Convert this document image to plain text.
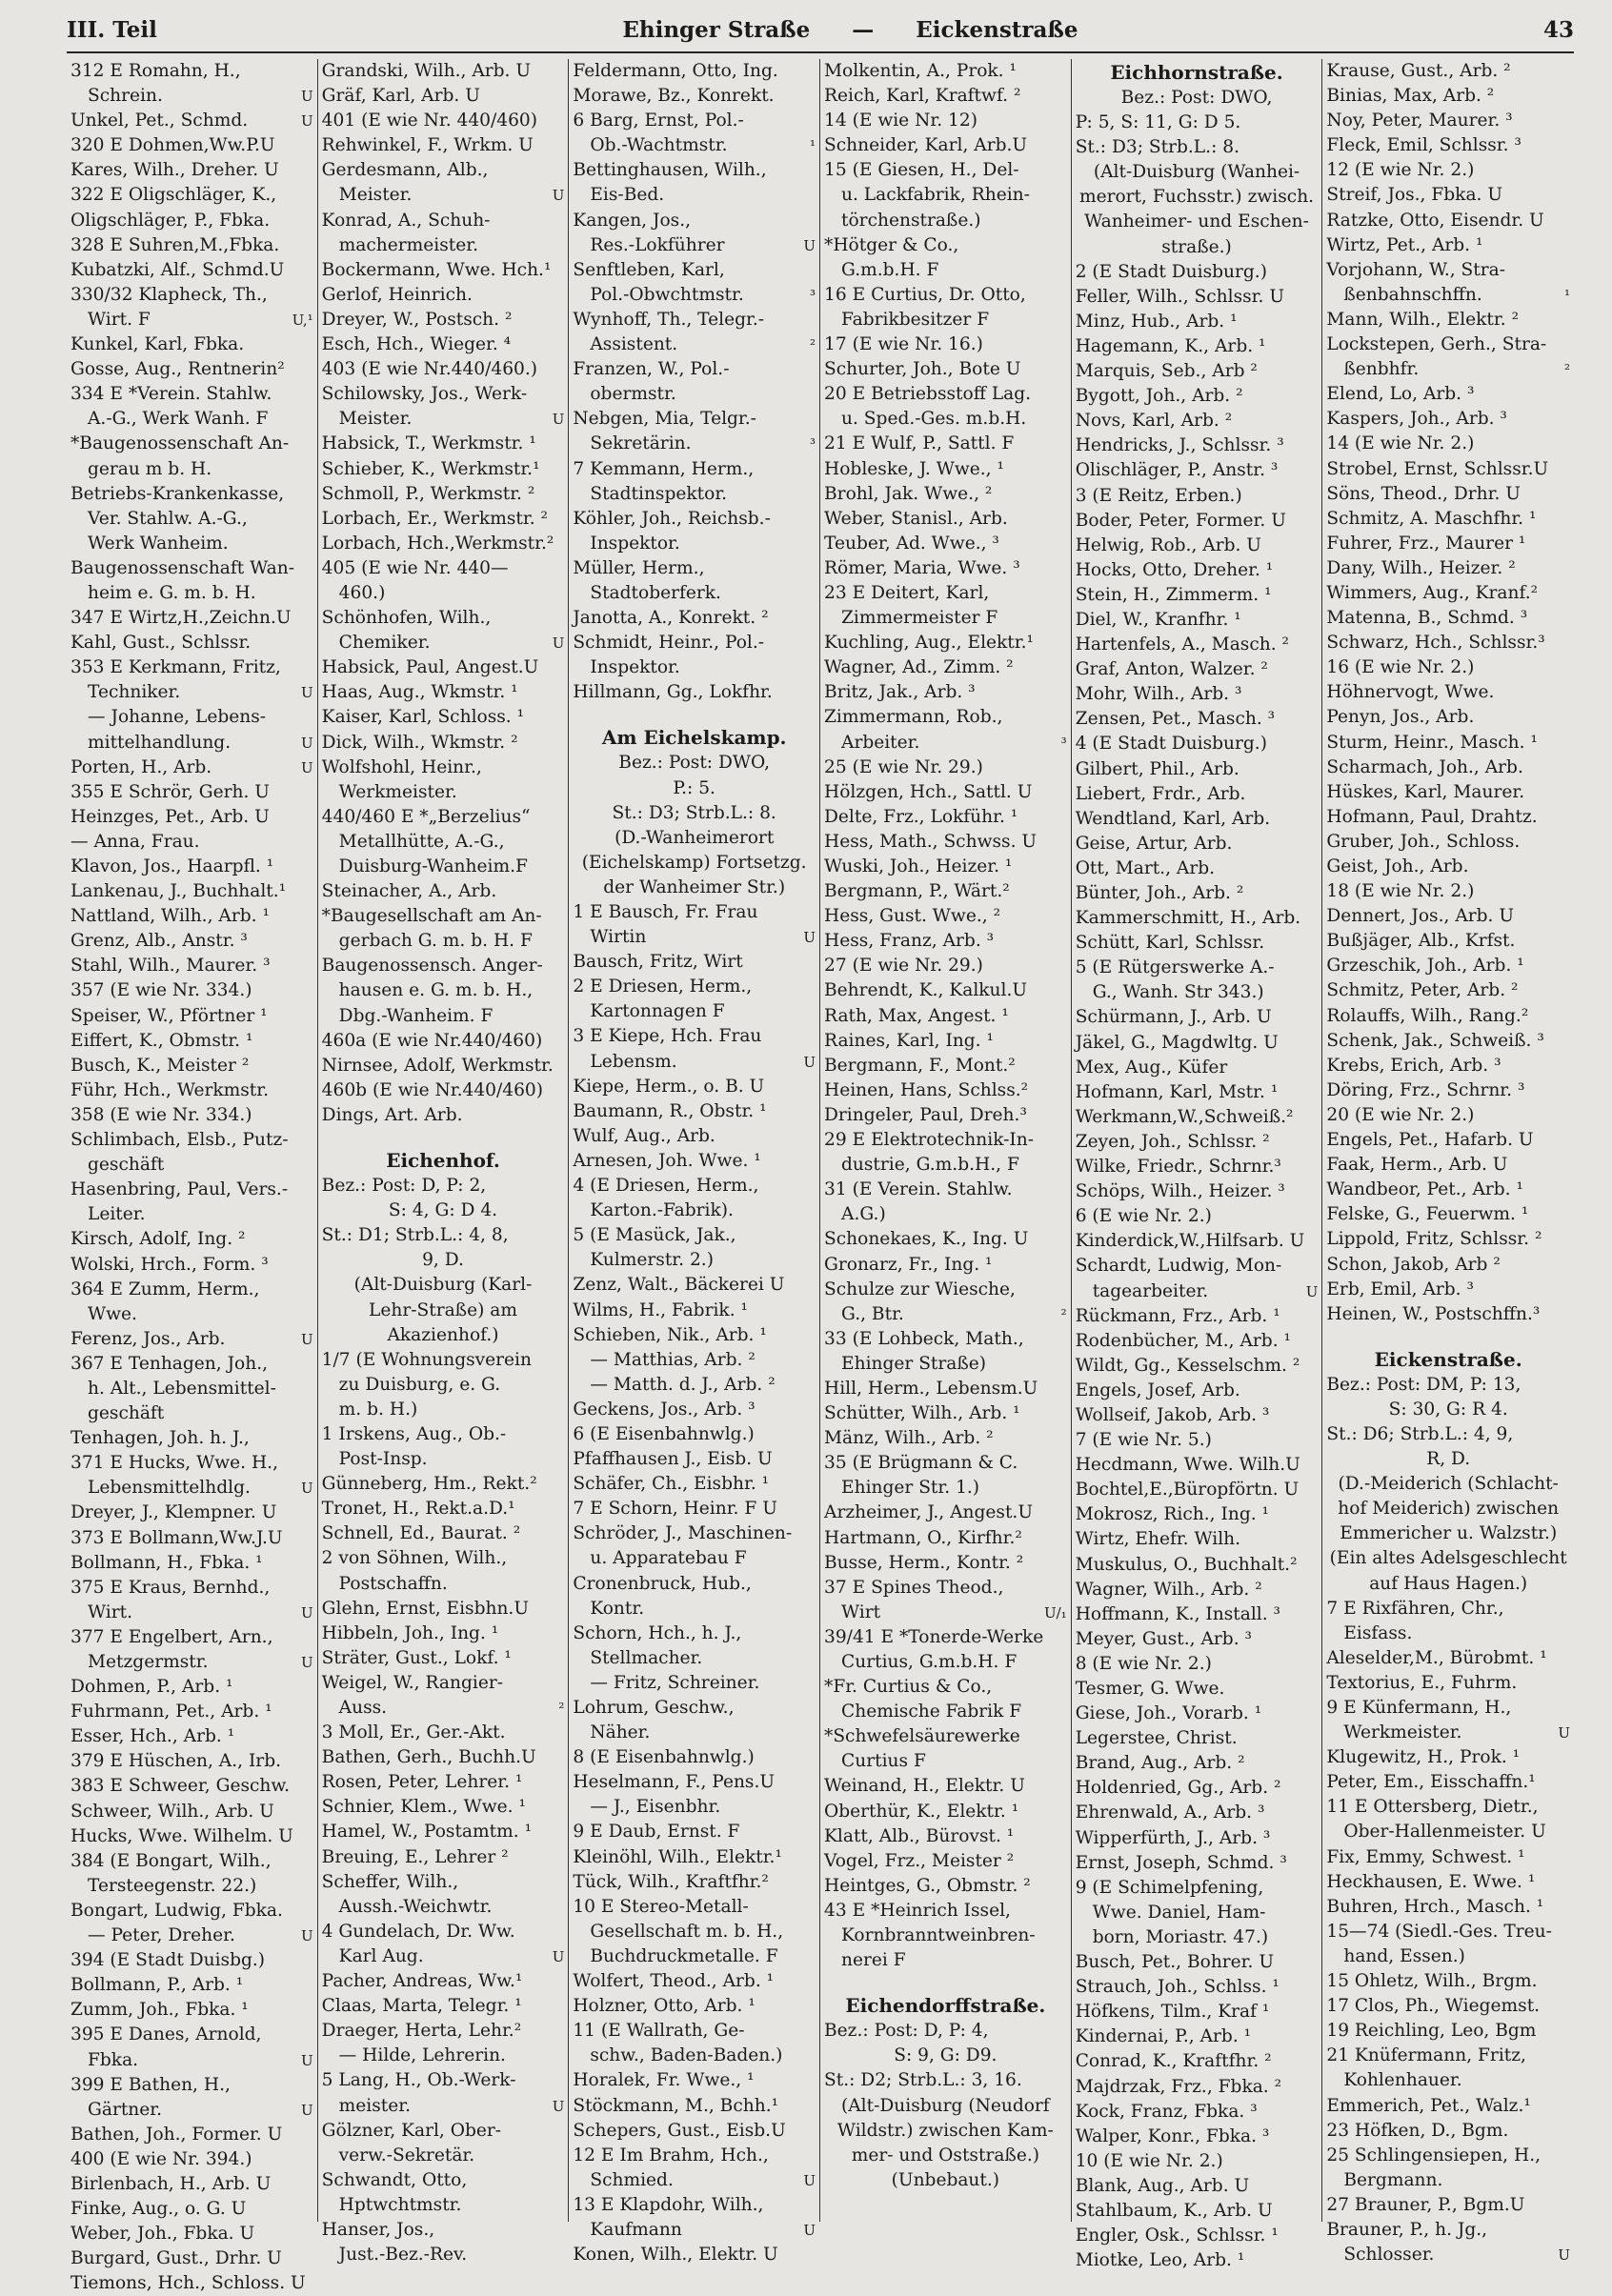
III. Teil	Ehinger Straße — Eickenstraße	43
312 E Romahn, H.,
U
Schrein.
U
Unkel, Pet., Schmd.
320 E Dohmen,Ww.P.U
Kares, Wilh., Dreher. U
322 E Oligschläger, K.,
Oligschläger, P., Fbka.
328 E Suhren,M.,Fbka.
Kubatzki, Alf., Schmd.U
330/32 Klapheck, Th.,
U,¹
Wirt. F
Kunkel, Karl, Fbka.
Gosse, Aug., Rentnerin²
334 E *Verein. Stahlw.
A.-G., Werk Wanh. F
*Baugenossenschaft An-
gerau m b. H.
Betriebs-Krankenkasse,
Ver. Stahlw. A.-G.,
Werk Wanheim.
Baugenossenschaft Wan-
heim e. G. m. b. H.
347 E Wirtz,H.,Zeichn.U
Kahl, Gust., Schlssr.
353 E Kerkmann, Fritz,
U
Techniker.
— Johanne, Lebens-
U
mittelhandlung.
U
Porten, H., Arb.
355 E Schrör, Gerh. U
Heinzges, Pet., Arb. U
— Anna, Frau.
Klavon, Jos., Haarpfl. ¹
Lankenau, J., Buchhalt.¹
Nattland, Wilh., Arb. ¹
Grenz, Alb., Anstr. ³
Stahl, Wilh., Maurer. ³
357 (E wie Nr. 334.)
Speiser, W., Pförtner ¹
Eiffert, K., Obmstr. ¹
Busch, K., Meister ²
Führ, Hch., Werkmstr.
358 (E wie Nr. 334.)
Schlimbach, Elsb., Putz-
geschäft
Hasenbring, Paul, Vers.-
Leiter.
Kirsch, Adolf, Ing. ²
Wolski, Hrch., Form. ³
364 E Zumm, Herm.,
Wwe.
U
Ferenz, Jos., Arb.
367 E Tenhagen, Joh.,
h. Alt., Lebensmittel-
geschäft
Tenhagen, Joh. h. J.,
371 E Hucks, Wwe. H.,
U
Lebensmittelhdlg.
Dreyer, J., Klempner. U
373 E Bollmann,Ww.J.U
Bollmann, H., Fbka. ¹
375 E Kraus, Bernhd.,
U
Wirt.
377 E Engelbert, Arn.,
U
Metzgermstr.
Dohmen, P., Arb. ¹
Fuhrmann, Pet., Arb. ¹
Esser, Hch., Arb. ¹
379 E Hüschen, A., Irb.
383 E Schweer, Geschw.
Schweer, Wilh., Arb. U
Hucks, Wwe. Wilhelm. U
384 (E Bongart, Wilh.,
Tersteegenstr. 22.)
Bongart, Ludwig, Fbka.
U
— Peter, Dreher.
394 (E Stadt Duisbg.)
Bollmann, P., Arb. ¹
Zumm, Joh., Fbka. ¹
395 E Danes, Arnold,
U
Fbka.
399 E Bathen, H.,
U
Gärtner.
Bathen, Joh., Former. U
400 (E wie Nr. 394.)
Birlenbach, H., Arb. U
Finke, Aug., o. G. U
Weber, Joh., Fbka. U
Burgard, Gust., Drhr. U
Tiemons, Hch., Schloss. U
Grandski, Wilh., Arb. U
Gräf, Karl, Arb. U
401 (E wie Nr. 440/460)
Rehwinkel, F., Wrkm. U
Gerdesmann, Alb.,
U
Meister.
Konrad, A., Schuh-
machermeister.
Bockermann, Wwe. Hch.¹
Gerlof, Heinrich.
Dreyer, W., Postsch. ²
Esch, Hch., Wieger. ⁴
403 (E wie Nr.440/460.)
Schilowsky, Jos., Werk-
U
Meister.
Habsick, T., Werkmstr. ¹
Schieber, K., Werkmstr.¹
Schmoll, P., Werkmstr. ²
Lorbach, Er., Werkmstr. ²
Lorbach, Hch.,Werkmstr.²
405 (E wie Nr. 440—
460.)
Schönhofen, Wilh.,
U
Chemiker.
Habsick, Paul, Angest.U
Haas, Aug., Wkmstr. ¹
Kaiser, Karl, Schloss. ¹
Dick, Wilh., Wkmstr. ²
Wolfshohl, Heinr.,
Werkmeister.
440/460 E *„Berzelius“
Metallhütte, A.-G.,
Duisburg-Wanheim.F
Steinacher, A., Arb.
*Baugesellschaft am An-
gerbach G. m. b. H. F
Baugenossensch. Anger-
hausen e. G. m. b. H.,
Dbg.-Wanheim. F
460a (E wie Nr.440/460)
Nirnsee, Adolf, Werkmstr.
460b (E wie Nr.440/460)
Dings, Art. Arb.
Eichenhof.
Bez.: Post: D, P: 2,
S: 4, G: D 4.
St.: D1; Strb.L.: 4, 8,
9, D.
(Alt-Duisburg (Karl-
Lehr-Straße) am
Akazienhof.)
1/7 (E Wohnungsverein
zu Duisburg, e. G.
m. b. H.)
1 Irskens, Aug., Ob.-
Post-Insp.
Günneberg, Hm., Rekt.²
Tronet, H., Rekt.a.D.¹
Schnell, Ed., Baurat. ²
2 von Söhnen, Wilh.,
Postschaffn.
Glehn, Ernst, Eisbhn.U
Hibbeln, Joh., Ing. ¹
Sträter, Gust., Lokf. ¹
Weigel, W., Rangier-
²
Auss.
3 Moll, Er., Ger.-Akt.
Bathen, Gerh., Buchh.U
Rosen, Peter, Lehrer. ¹
Schnier, Klem., Wwe. ¹
Hamel, W., Postamtm. ¹
Breuing, E., Lehrer ²
Scheffer, Wilh.,
Aussh.-Weichwtr.
4 Gundelach, Dr. Ww.
U
Karl Aug.
Pacher, Andreas, Ww.¹
Claas, Marta, Telegr. ¹
Draeger, Herta, Lehr.²
— Hilde, Lehrerin.
5 Lang, H., Ob.-Werk-
U
meister.
Gölzner, Karl, Ober-
verw.-Sekretär.
Schwandt, Otto,
Hptwchtmstr.
Hanser, Jos.,
Just.-Bez.-Rev.
Feldermann, Otto, Ing.
Morawe, Bz., Konrekt.
6 Barg, Ernst, Pol.-
¹
Ob.-Wachtmstr.
Bettinghausen, Wilh.,
Eis-Bed.
Kangen, Jos.,
U
Res.-Lokführer
Senftleben, Karl,
³
Pol.-Obwchtmstr.
Wynhoff, Th., Telegr.-
²
Assistent.
Franzen, W., Pol.-
obermstr.
Nebgen, Mia, Telgr.-
³
Sekretärin.
7 Kemmann, Herm.,
Stadtinspektor.
Köhler, Joh., Reichsb.-
Inspektor.
Müller, Herm.,
Stadtoberferk.
Janotta, A., Konrekt. ²
Schmidt, Heinr., Pol.-
Inspektor.
Hillmann, Gg., Lokfhr.
Am Eichelskamp.
Bez.: Post: DWO,
P.: 5.
St.: D3; Strb.L.: 8.
(D.-Wanheimerort
(Eichelskamp) Fortsetzg.
der Wanheimer Str.)
1 E Bausch, Fr. Frau
U
Wirtin
Bausch, Fritz, Wirt
2 E Driesen, Herm.,
Kartonnagen F
3 E Kiepe, Hch. Frau
U
Lebensm.
Kiepe, Herm., o. B. U
Baumann, R., Obstr. ¹
Wulf, Aug., Arb.
Arnesen, Joh. Wwe. ¹
4 (E Driesen, Herm.,
Karton.-Fabrik).
5 (E Masück, Jak.,
Kulmerstr. 2.)
Zenz, Walt., Bäckerei U
Wilms, H., Fabrik. ¹
Schieben, Nik., Arb. ¹
— Matthias, Arb. ²
— Matth. d. J., Arb. ²
Geckens, Jos., Arb. ³
6 (E Eisenbahnwlg.)
Pfaffhausen J., Eisb. U
Schäfer, Ch., Eisbhr. ¹
7 E Schorn, Heinr. F U
Schröder, J., Maschinen-
u. Apparatebau F
Cronenbruck, Hub.,
Kontr.
Schorn, Hch., h. J.,
Stellmacher.
— Fritz, Schreiner.
Lohrum, Geschw.,
Näher.
8 (E Eisenbahnwlg.)
Heselmann, F., Pens.U
— J., Eisenbhr.
9 E Daub, Ernst. F
Kleinöhl, Wilh., Elektr.¹
Tück, Wilh., Kraftfhr.²
10 E Stereo-Metall-
Gesellschaft m. b. H.,
Buchdruckmetalle. F
Wolfert, Theod., Arb. ¹
Holzner, Otto, Arb. ¹
11 (E Wallrath, Ge-
schw., Baden-Baden.)
Horalek, Fr. Wwe., ¹
Stöckmann, M., Bchh.¹
Schepers, Gust., Eisb.U
12 E Im Brahm, Hch.,
U
Schmied.
13 E Klapdohr, Wilh.,
U
Kaufmann
Konen, Wilh., Elektr. U
Molkentin, A., Prok. ¹
Reich, Karl, Kraftwf. ²
14 (E wie Nr. 12)
Schneider, Karl, Arb.U
15 (E Giesen, H., Del-
u. Lackfabrik, Rhein-
törchenstraße.)
*Hötger & Co.,
G.m.b.H. F
16 E Curtius, Dr. Otto,
Fabrikbesitzer F
17 (E wie Nr. 16.)
Schurter, Joh., Bote U
20 E Betriebsstoff Lag.
u. Sped.-Ges. m.b.H.
21 E Wulf, P., Sattl. F
Hobleske, J. Wwe., ¹
Brohl, Jak. Wwe., ²
Weber, Stanisl., Arb.
Teuber, Ad. Wwe., ³
Römer, Maria, Wwe. ³
23 E Deitert, Karl,
Zimmermeister F
Kuchling, Aug., Elektr.¹
Wagner, Ad., Zimm. ²
Britz, Jak., Arb. ³
Zimmermann, Rob.,
³
Arbeiter.
25 (E wie Nr. 29.)
Hölzgen, Hch., Sattl. U
Delte, Frz., Lokführ. ¹
Hess, Math., Schwss. U
Wuski, Joh., Heizer. ¹
Bergmann, P., Wärt.²
Hess, Gust. Wwe., ²
Hess, Franz, Arb. ³
27 (E wie Nr. 29.)
Behrendt, K., Kalkul.U
Rath, Max, Angest. ¹
Raines, Karl, Ing. ¹
Bergmann, F., Mont.²
Heinen, Hans, Schlss.²
Dringeler, Paul, Dreh.³
29 E Elektrotechnik-In-
dustrie, G.m.b.H., F
31 (E Verein. Stahlw.
A.G.)
Schonekaes, K., Ing. U
Gronarz, Fr., Ing. ¹
Schulze zur Wiesche,
²
G., Btr.
33 (E Lohbeck, Math.,
Ehinger Straße)
Hill, Herm., Lebensm.U
Schütter, Wilh., Arb. ¹
Mänz, Wilh., Arb. ²
35 (E Brügmann & C.
Ehinger Str. 1.)
Arzheimer, J., Angest.U
Hartmann, O., Kirfhr.²
Busse, Herm., Kontr. ²
37 E Spines Theod.,
U/₁
Wirt
39/41 E *Tonerde-Werke
Curtius, G.m.b.H. F
*Fr. Curtius & Co.,
Chemische Fabrik F
*Schwefelsäurewerke
Curtius F
Weinand, H., Elektr. U
Oberthür, K., Elektr. ¹
Klatt, Alb., Bürovst. ¹
Vogel, Frz., Meister ²
Heintges, G., Obmstr. ²
43 E *Heinrich Issel,
Kornbranntweinbren-
nerei F
Eichendorffstraße.
Bez.: Post: D, P: 4,
S: 9, G: D9.
St.: D2; Strb.L.: 3, 16.
(Alt-Duisburg (Neudorf
Wildstr.) zwischen Kam-
mer- und Oststraße.)
(Unbebaut.)
Eichhornstraße.
Bez.: Post: DWO,
P: 5, S: 11, G: D 5.
St.: D3; Strb.L.: 8.
(Alt-Duisburg (Wanhei-
merort, Fuchsstr.) zwisch.
Wanheimer- und Eschen-
straße.)
2 (E Stadt Duisburg.)
Feller, Wilh., Schlssr. U
Minz, Hub., Arb. ¹
Hagemann, K., Arb. ¹
Marquis, Seb., Arb ²
Bygott, Joh., Arb. ²
Novs, Karl, Arb. ²
Hendricks, J., Schlssr. ³
Olischläger, P., Anstr. ³
3 (E Reitz, Erben.)
Boder, Peter, Former. U
Helwig, Rob., Arb. U
Hocks, Otto, Dreher. ¹
Stein, H., Zimmerm. ¹
Diel, W., Kranfhr. ¹
Hartenfels, A., Masch. ²
Graf, Anton, Walzer. ²
Mohr, Wilh., Arb. ³
Zensen, Pet., Masch. ³
4 (E Stadt Duisburg.)
Gilbert, Phil., Arb.
Liebert, Frdr., Arb.
Wendtland, Karl, Arb.
Geise, Artur, Arb.
Ott, Mart., Arb.
Bünter, Joh., Arb. ²
Kammerschmitt, H., Arb.
Schütt, Karl, Schlssr.
5 (E Rütgerswerke A.-
G., Wanh. Str 343.)
Schürmann, J., Arb. U
Jäkel, G., Magdwltg. U
Mex, Aug., Küfer
Hofmann, Karl, Mstr. ¹
Werkmann,W.,Schweiß.²
Zeyen, Joh., Schlssr. ²
Wilke, Friedr., Schrnr.³
Schöps, Wilh., Heizer. ³
6 (E wie Nr. 2.)
Kinderdick,W.,Hilfsarb. U
Schardt, Ludwig, Mon-
U
tagearbeiter.
Rückmann, Frz., Arb. ¹
Rodenbücher, M., Arb. ¹
Wildt, Gg., Kesselschm. ²
Engels, Josef, Arb.
Wollseif, Jakob, Arb. ³
7 (E wie Nr. 5.)
Hecdmann, Wwe. Wilh.U
Bochtel,E.,Büropförtn. U
Mokrosz, Rich., Ing. ¹
Wirtz, Ehefr. Wilh.
Muskulus, O., Buchhalt.²
Wagner, Wilh., Arb. ²
Hoffmann, K., Install. ³
Meyer, Gust., Arb. ³
8 (E wie Nr. 2.)
Tesmer, G. Wwe.
Giese, Joh., Vorarb. ¹
Legerstee, Christ.
Brand, Aug., Arb. ²
Holdenried, Gg., Arb. ²
Ehrenwald, A., Arb. ³
Wipperfürth, J., Arb. ³
Ernst, Joseph, Schmd. ³
9 (E Schimelpfening,
Wwe. Daniel, Ham-
born, Moriastr. 47.)
Busch, Pet., Bohrer. U
Strauch, Joh., Schlss. ¹
Höfkens, Tilm., Kraf ¹
Kindernai, P., Arb. ¹
Conrad, K., Kraftfhr. ²
Majdrzak, Frz., Fbka. ²
Kock, Franz, Fbka. ³
Walper, Konr., Fbka. ³
10 (E wie Nr. 2.)
Blank, Aug., Arb. U
Stahlbaum, K., Arb. U
Engler, Osk., Schlssr. ¹
Miotke, Leo, Arb. ¹
Krause, Gust., Arb. ²
Binias, Max, Arb. ²
Noy, Peter, Maurer. ³
Fleck, Emil, Schlssr. ³
12 (E wie Nr. 2.)
Streif, Jos., Fbka. U
Ratzke, Otto, Eisendr. U
Wirtz, Pet., Arb. ¹
Vorjohann, W., Stra-
¹
ßenbahnschffn.
Mann, Wilh., Elektr. ²
Lockstepen, Gerh., Stra-
²
ßenbhfr.
Elend, Lo, Arb. ³
Kaspers, Joh., Arb. ³
14 (E wie Nr. 2.)
Strobel, Ernst, Schlssr.U
Söns, Theod., Drhr. U
Schmitz, A. Maschfhr. ¹
Fuhrer, Frz., Maurer ¹
Dany, Wilh., Heizer. ²
Wimmers, Aug., Kranf.²
Matenna, B., Schmd. ³
Schwarz, Hch., Schlssr.³
16 (E wie Nr. 2.)
Höhnervogt, Wwe.
Penyn, Jos., Arb.
Sturm, Heinr., Masch. ¹
Scharmach, Joh., Arb.
Hüskes, Karl, Maurer.
Hofmann, Paul, Drahtz.
Gruber, Joh., Schloss.
Geist, Joh., Arb.
18 (E wie Nr. 2.)
Dennert, Jos., Arb. U
Bußjäger, Alb., Krfst.
Grzeschik, Joh., Arb. ¹
Schmitz, Peter, Arb. ²
Rolauffs, Wilh., Rang.²
Schenk, Jak., Schweiß. ³
Krebs, Erich, Arb. ³
Döring, Frz., Schrnr. ³
20 (E wie Nr. 2.)
Engels, Pet., Hafarb. U
Faak, Herm., Arb. U
Wandbeor, Pet., Arb. ¹
Felske, G., Feuerwm. ¹
Lippold, Fritz, Schlssr. ²
Schon, Jakob, Arb ²
Erb, Emil, Arb. ³
Heinen, W., Postschffn.³
Eickenstraße.
Bez.: Post: DM, P: 13,
S: 30, G: R 4.
St.: D6; Strb.L.: 4, 9,
R, D.
(D.-Meiderich (Schlacht-
hof Meiderich) zwischen
Emmericher u. Walzstr.)
(Ein altes Adelsgeschlecht
auf Haus Hagen.)
7 E Rixfähren, Chr.,
Eisfass.
Aleselder,M., Bürobmt. ¹
Textorius, E., Fuhrm.
9 E Künfermann, H.,
U
Werkmeister.
Klugewitz, H., Prok. ¹
Peter, Em., Eisschaffn.¹
11 E Ottersberg, Dietr.,
Ober-Hallenmeister. U
Fix, Emmy, Schwest. ¹
Heckhausen, E. Wwe. ¹
Buhren, Hrch., Masch. ¹
15—74 (Siedl.-Ges. Treu-
hand, Essen.)
15 Ohletz, Wilh., Brgm.
17 Clos, Ph., Wiegemst.
19 Reichling, Leo, Bgm
21 Knüfermann, Fritz,
Kohlenhauer.
Emmerich, Pet., Walz.¹
23 Höfken, D., Bgm.
25 Schlingensiepen, H.,
Bergmann.
27 Brauner, P., Bgm.U
Brauner, P., h. Jg.,
U
Schlosser.
